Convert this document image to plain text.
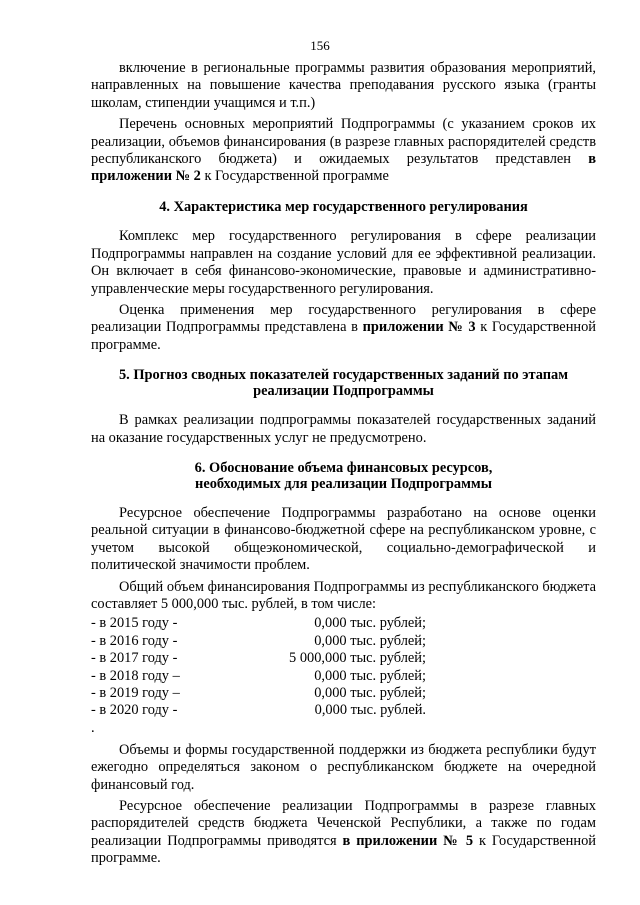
156

включение в региональные программы развития образования мероприятий, направленных на повышение качества преподавания русского языка (гранты школам, стипендии учащимся и т.п.)

Перечень основных мероприятий Подпрограммы (с указанием сроков их реализации, объемов финансирования (в разрезе главных распорядителей средств республиканского бюджета) и ожидаемых результатов представлен в приложении № 2 к Государственной программе

4. Характеристика мер государственного регулирования

Комплекс мер государственного регулирования в сфере реализации Подпрограммы направлен на создание условий для ее эффективной реализации. Он включает в себя финансово-экономические, правовые и административно-управленческие меры государственного регулирования.

Оценка применения мер государственного регулирования в сфере реализации Подпрограммы представлена в приложении № 3 к Государственной программе.

5. Прогноз сводных показателей государственных заданий по этапам
реализации Подпрограммы

В рамках реализации подпрограммы показателей государственных заданий на оказание государственных услуг не предусмотрено.

6. Обоснование объема финансовых ресурсов,
необходимых для реализации Подпрограммы

Ресурсное обеспечение Подпрограммы разработано на основе оценки реальной ситуации в финансово-бюджетной сфере на республиканском уровне, с учетом высокой общеэкономической, социально-демографической и политической значимости проблем.

Общий объем финансирования Подпрограммы из республиканского бюджета составляет 5 000,000 тыс. рублей, в том числе:

- в 2015 году -	0,000 тыс. рублей;
- в 2016 году -	0,000 тыс. рублей;
- в 2017 году -	5 000,000 тыс. рублей;
- в 2018 году –	0,000 тыс. рублей;
- в 2019 году –	0,000 тыс. рублей;
- в 2020 году -	0,000 тыс. рублей.
.

Объемы и формы государственной поддержки из бюджета республики будут ежегодно определяться законом о республиканском бюджете на очередной финансовый год.

Ресурсное обеспечение реализации Подпрограммы в разрезе главных распорядителей средств бюджета Чеченской Республики, а также по годам реализации Подпрограммы приводятся в приложении № 5 к Государственной программе.
